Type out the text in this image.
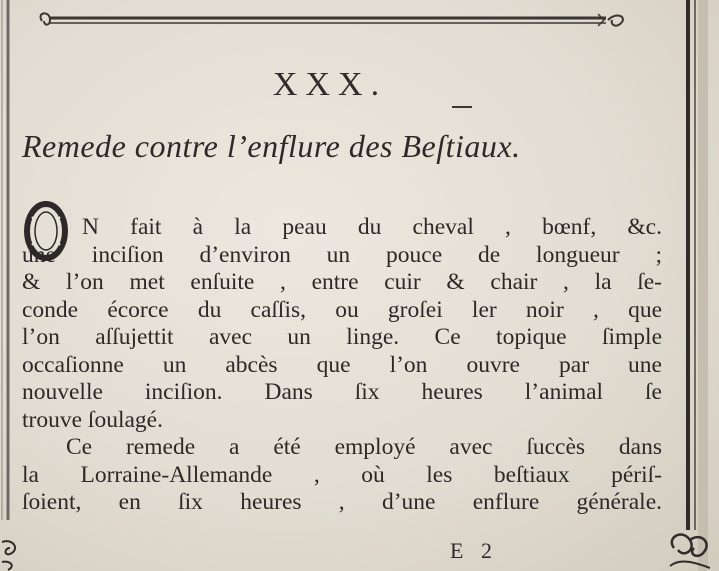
XXX.
Remede contre l’enflure des Beſtiaux.
O	N fait à la peau du cheval , bœnf, &c.
une inciſion d’environ un pouce de longueur ;
& l’on met enſuite , entre cuir & chair , la ſe-
conde écorce du caſſis, ou groſei ler noir , que
l’on aſſujettit avec un linge. Ce topique ſimple
occaſionne un abcès que l’on ouvre par une
nouvelle inciſion. Dans ſix heures l’animal ſe
trouve ſoulagé.
Ce remede a été employé avec ſuccès dans
la Lorraine-Allemande , où les beſtiaux périſ-
ſoient, en ſix heures , d’une enflure générale.
E 2
